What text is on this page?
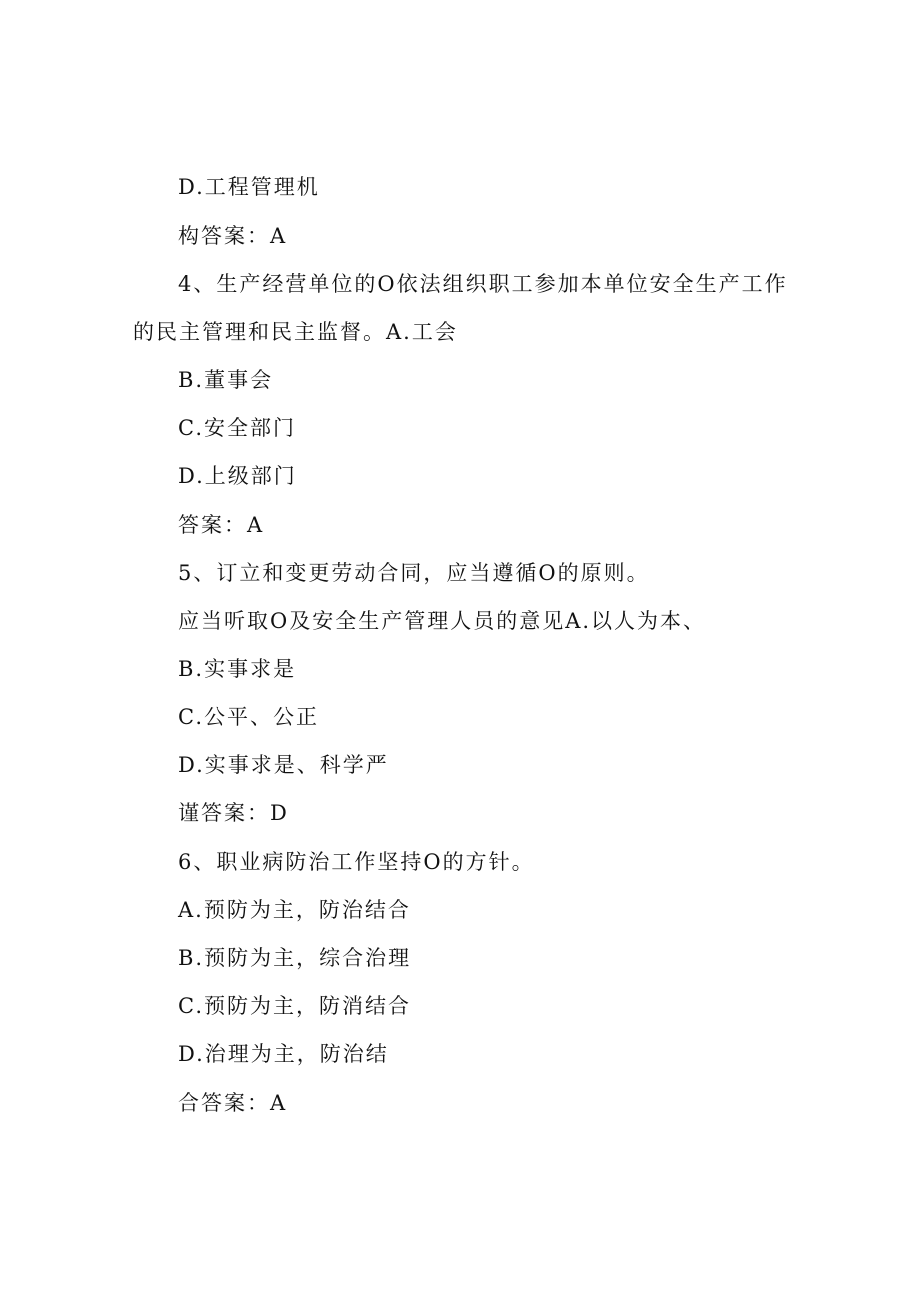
D.工程管理机
构答案：A
4、生产经营单位的O依法组织职工参加本单位安全生产工作
的民主管理和民主监督。A.工会
B.董事会
C.安全部门
D.上级部门
答案：A
5、订立和变更劳动合同，应当遵循O的原则。
应当听取O及安全生产管理人员的意见A.以人为本、
B.实事求是
C.公平、公正
D.实事求是、科学严
谨答案：D
6、职业病防治工作坚持O的方针。
A.预防为主，防治结合
B.预防为主，综合治理
C.预防为主，防消结合
D.治理为主，防治结
合答案：A
